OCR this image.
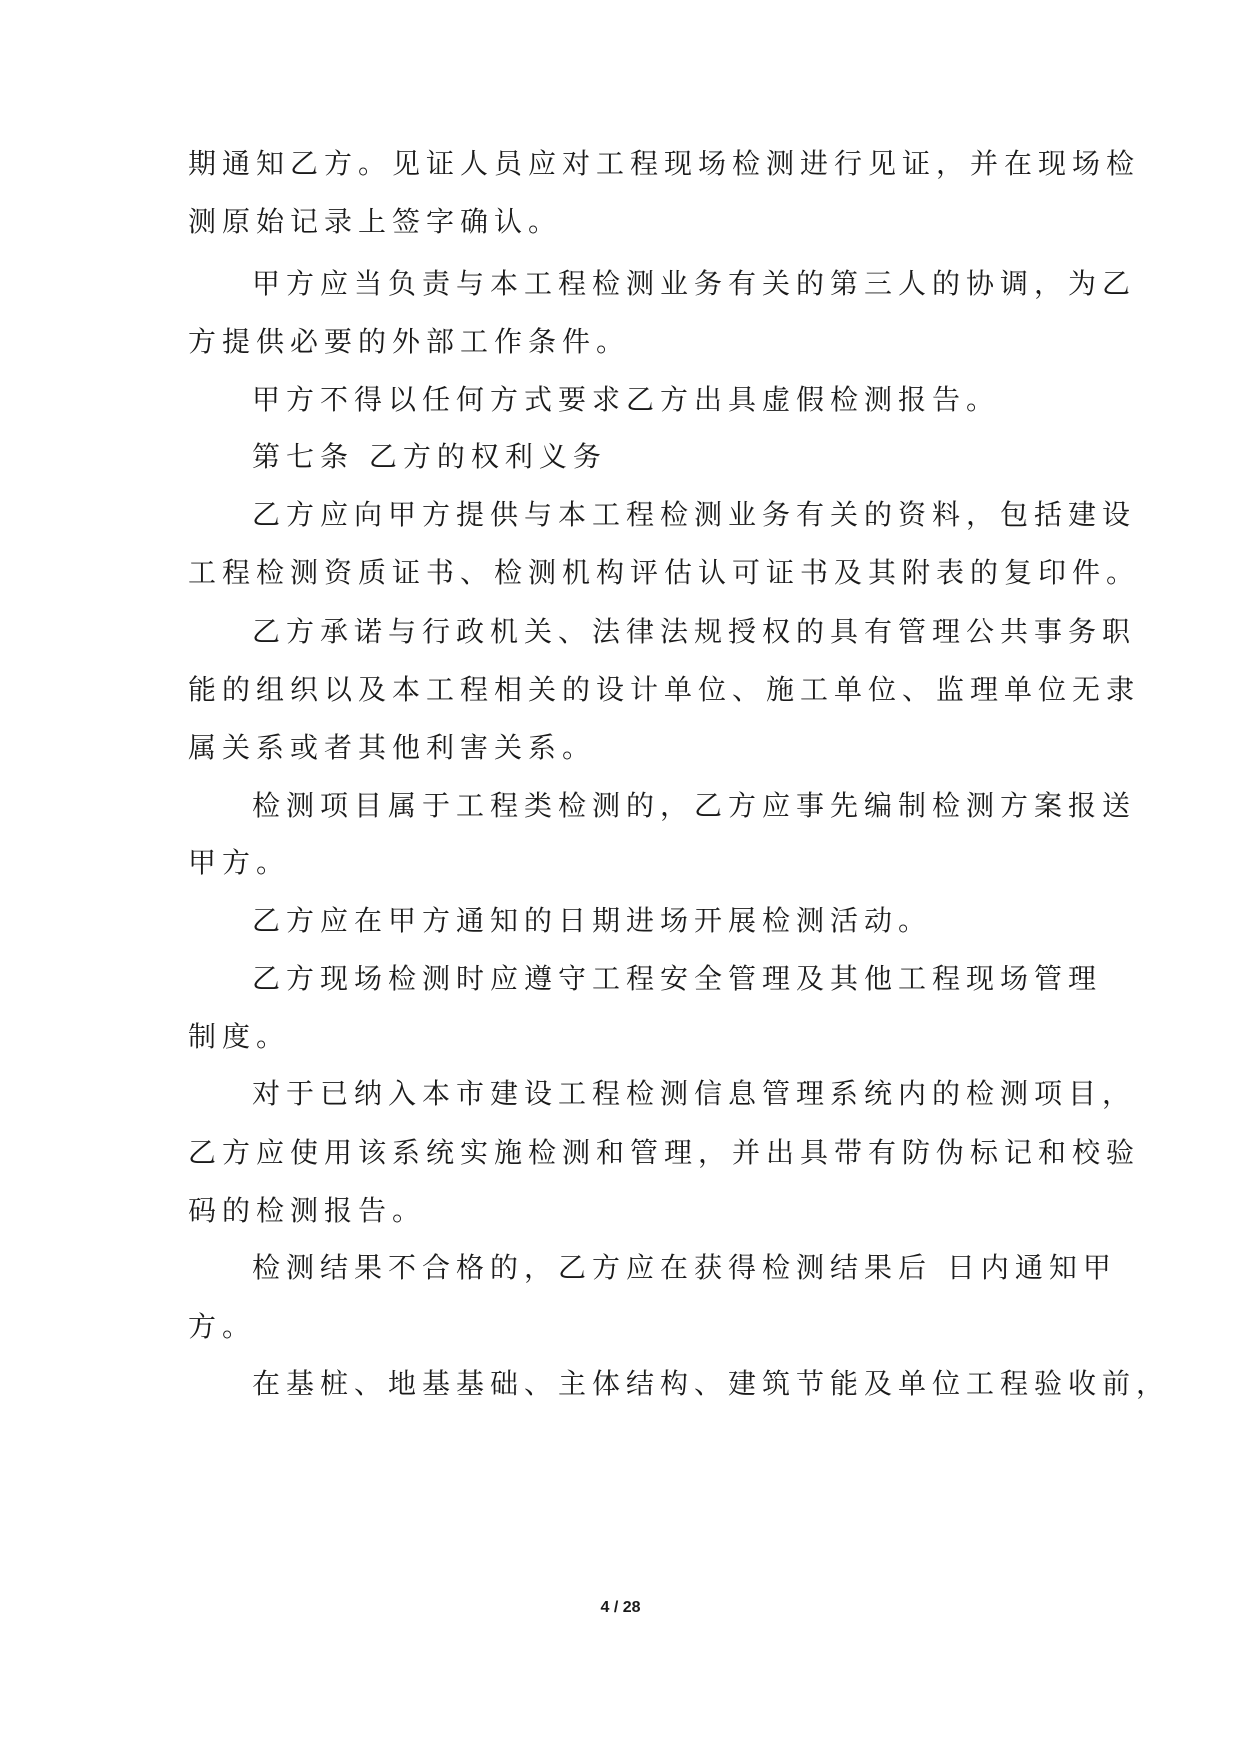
期通知乙方。见证人员应对工程现场检测进行见证，并在现场检
测原始记录上签字确认。
甲方应当负责与本工程检测业务有关的第三人的协调，为乙
方提供必要的外部工作条件。
甲方不得以任何方式要求乙方出具虚假检测报告。
第七条 乙方的权利义务
乙方应向甲方提供与本工程检测业务有关的资料，包括建设
工程检测资质证书、检测机构评估认可证书及其附表的复印件。
乙方承诺与行政机关、法律法规授权的具有管理公共事务职
能的组织以及本工程相关的设计单位、施工单位、监理单位无隶
属关系或者其他利害关系。
检测项目属于工程类检测的，乙方应事先编制检测方案报送
甲方。
乙方应在甲方通知的日期进场开展检测活动。
乙方现场检测时应遵守工程安全管理及其他工程现场管理
制度。
对于已纳入本市建设工程检测信息管理系统内的检测项目，
乙方应使用该系统实施检测和管理，并出具带有防伪标记和校验
码的检测报告。
检测结果不合格的，乙方应在获得检测结果后 日内通知甲
方。
在基桩、地基基础、主体结构、建筑节能及单位工程验收前，
4 / 28
